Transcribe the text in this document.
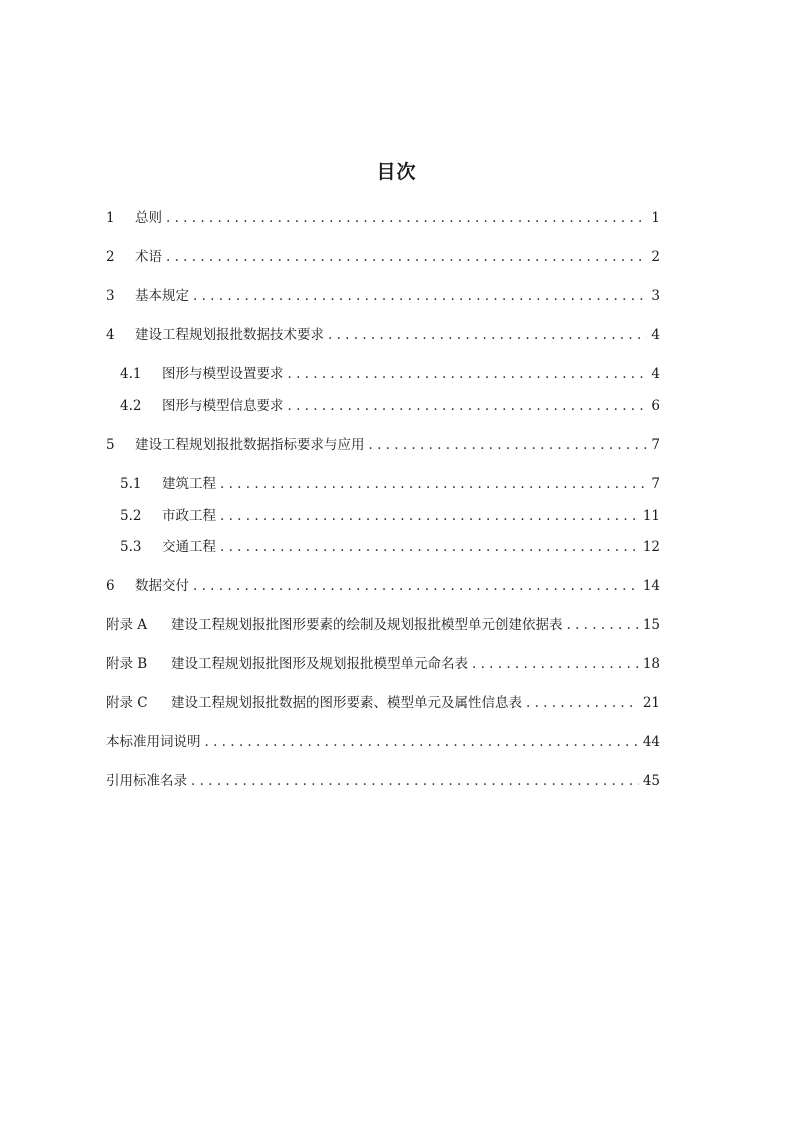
目次
1	总则 . . .	1
2	术语 . . .	2
3	基本规定 . . .	3
4	建设工程规划报批数据技术要求 . . .	4
4.1	图形与模型设置要求 . . .	4
4.2	图形与模型信息要求 . . .	6
5	建设工程规划报批数据指标要求与应用 . . .	7
5.1	建筑工程 . . .	7
5.2	市政工程 . . .	11
5.3	交通工程 . . .	12
6	数据交付 . . .	14
附录 A	建设工程规划报批图形要素的绘制及规划报批模型单元创建依据表 . . .	15
附录 B	建设工程规划报批图形及规划报批模型单元命名表 . . .	18
附录 C	建设工程规划报批数据的图形要素、模型单元及属性信息表 . . .	21
本标准用词说明 . . .	44
引用标准名录 . . .	45
